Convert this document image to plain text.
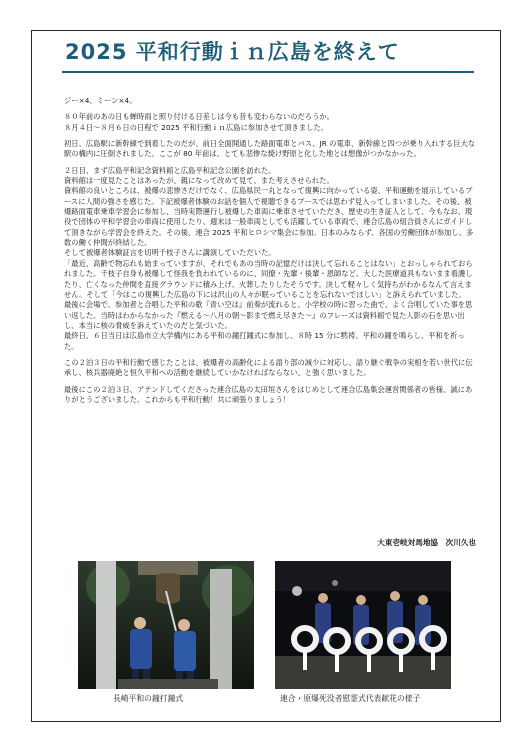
2025 平和行動ｉｎ広島を終えて

ジー×4、ミーン×4。

８０年前のあの日も蝉時雨と照り付ける日差しは今も昔も変わらないのだろうか。
８月４日～８月６日の日程で 2025 平和行動ｉｎ広島に参加させて頂きました。

初日、広島駅に新幹線で到着したのだが、前日全面開通した路面電車とバス、JR の電車、新幹線と四つが乗り入れする巨大な駅の構内に圧倒されました。ここが 80 年前は、とても悲惨な焼け野原と化した地とは想像がつかなかった。

２日目、まず広島平和記念資料館と広島平和記念公園を訪れた。
資料館は一度見たことはあったが、親になって改めて見て、また考えさせられた。
資料館の良いところは、被爆の悲惨さだけでなく、広島県民一丸となって復興に向かっている姿、平和運動を展示しているブースに人間の強さを感じた。下記被爆者体験のお話を個人で視聴できるブースでは思わず見入ってしまいました。その後、被爆路面電車乗車学習会に参加し、当時実際運行し被爆した車両に乗車させていただき、歴史の生き証人として、今もなお、現役で団体の平和学習会の車両に使用したり、週末は一般車両としても活躍している車両で、連合広島の組合員さんにガイドして頂きながら学習会を終えた。その後、連合 2025 平和ヒロシマ集会に参加。日本のみならず、各国の労働団体が参加し、多数の働く仲間が終結した。
そして被爆者体験証言を切明千枝子さんに講演していただいた。
「最近、高齢で物忘れも始まっていますが、それでもあの当時の記憶だけは決して忘れることはない」とおっしゃられておられました。千枝子自身も被爆して怪我を負われているのに、同僚・先輩・後輩・恩師など、大した医療道具もないまま看護したり、亡くなった仲間を直接グラウンドに積み上げ、火葬したりしたそうです。決して軽々しく気持ちがわかるなんて言えません。そして「今はこの復興した広島の下には沢山の人々が眠っていることを忘れないでほしい」と訴えられていました。
最後に会場で、参加者と合唱した平和の歌『青い空は』前奏が流れると、小学校の時に習った曲で、よく合唱していた事を思い返した。当時はわからなかった『燃える～八月の朝～影まで燃え尽きた～』のフレーズは資料館で見た人影の石を思い出し、本当に核の脅威を訴えていたのだと気づいた。
最終日、６日当日は広島市立大学構内にある平和の鐘打鐘式に参加し、８時 15 分に黙祷。平和の鐘を鳴らし、平和を祈った。

この２泊３日の平和行動で感じたことは、被爆者の高齢化による語り部の減少に対応し、語り継ぐ戦争の実相を若い世代に伝承し、核兵器廃絶と恒久平和への活動を継続していかなければならない、と強く思いました。

最後にこの２泊３日、アテンドしてくださった連合広島の太田垣さんをはじめとして連合広島集会運営関係者の皆様、誠にありがとうございました。これからも平和行動！共に頑張りましょう！

大東壱岐対馬地協　次川久也
長崎平和の鐘打鐘式	連合・原爆死没者慰霊式代表献花の様子
